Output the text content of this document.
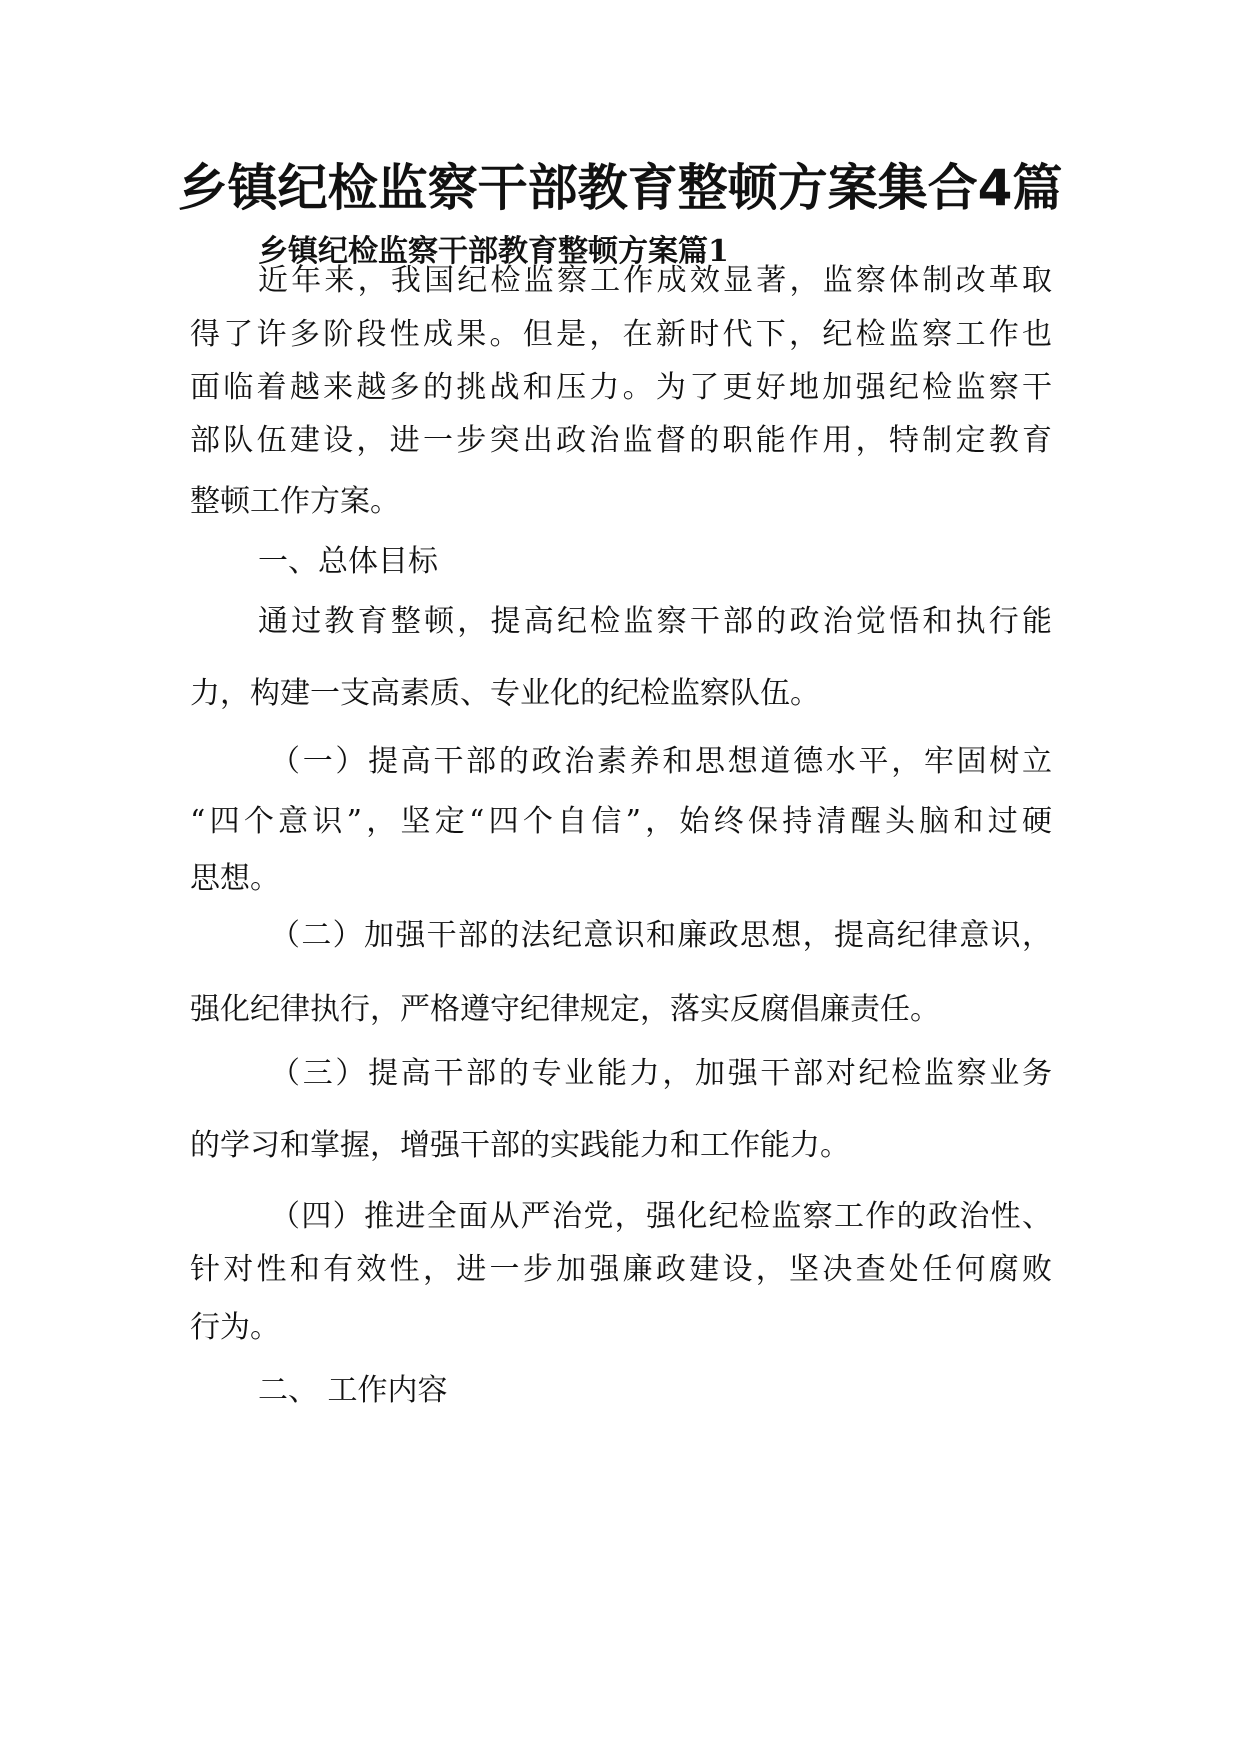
乡镇纪检监察干部教育整顿方案集合4篇
乡镇纪检监察干部教育整顿方案篇1

近年来，我国纪检监察工作成效显著，监察体制改革取

得了许多阶段性成果。但是，在新时代下，纪检监察工作也

面临着越来越多的挑战和压力。为了更好地加强纪检监察干

部队伍建设，进一步突出政治监督的职能作用，特制定教育

整顿工作方案。

一、总体目标

通过教育整顿，提高纪检监察干部的政治觉悟和执行能

力，构建一支高素质、专业化的纪检监察队伍。

（一）提高干部的政治素养和思想道德水平，牢固树立

“四个意识”，坚定“四个自信”，始终保持清醒头脑和过硬

思想。

（二）加强干部的法纪意识和廉政思想，提高纪律意识，

强化纪律执行，严格遵守纪律规定，落实反腐倡廉责任。

（三）提高干部的专业能力，加强干部对纪检监察业务

的学习和掌握，增强干部的实践能力和工作能力。

（四）推进全面从严治党，强化纪检监察工作的政治性、

针对性和有效性，进一步加强廉政建设，坚决查处任何腐败

行为。

二、 工作内容
